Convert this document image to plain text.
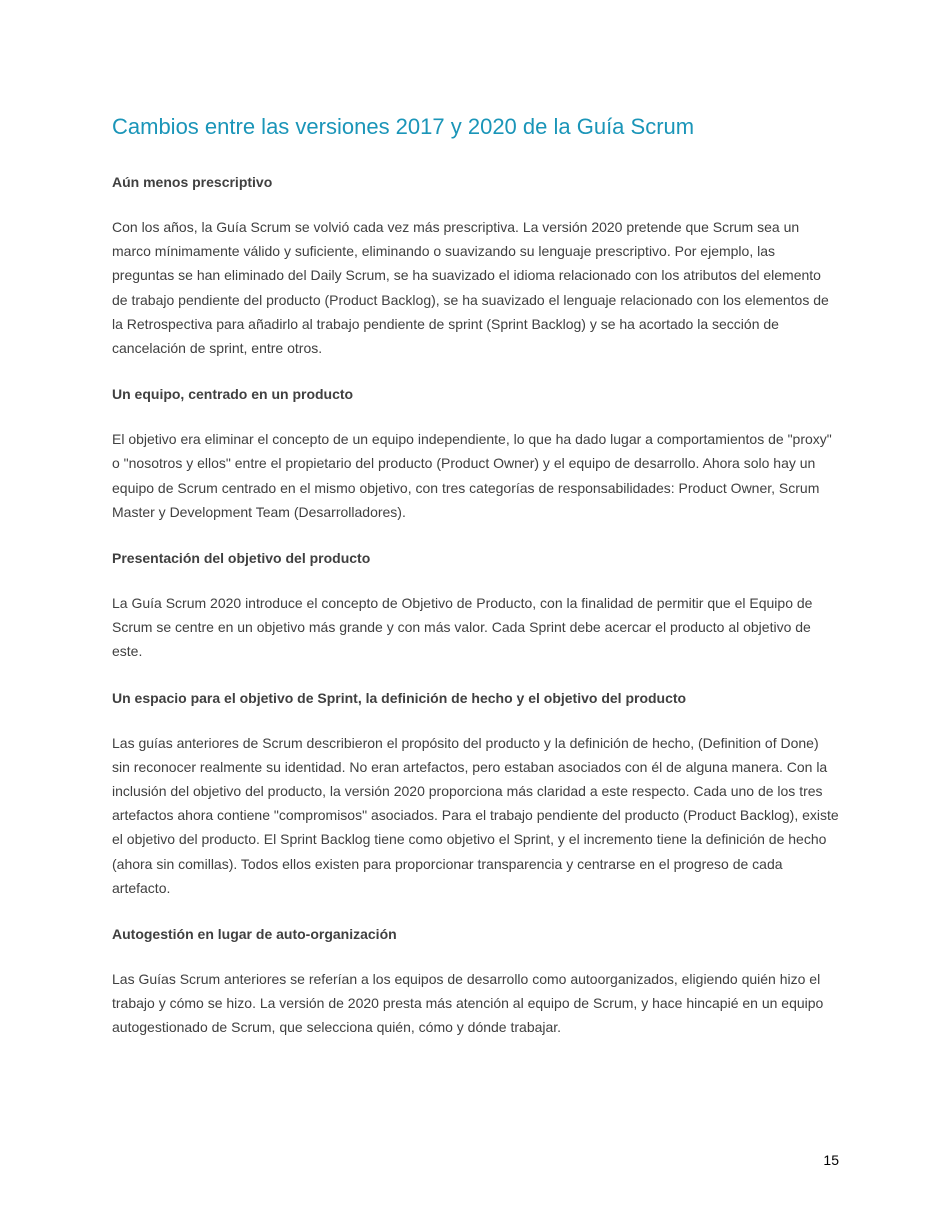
Cambios entre las versiones 2017 y 2020 de la Guía Scrum
Aún menos prescriptivo

Con los años, la Guía Scrum se volvió cada vez más prescriptiva. La versión 2020 pretende que Scrum sea un marco mínimamente válido y suficiente, eliminando o suavizando su lenguaje prescriptivo. Por ejemplo, las preguntas se han eliminado del Daily Scrum, se ha suavizado el idioma relacionado con los atributos del elemento de trabajo pendiente del producto (Product Backlog), se ha suavizado el lenguaje relacionado con los elementos de la Retrospectiva para añadirlo al trabajo pendiente de sprint (Sprint Backlog) y se ha acortado la sección de cancelación de sprint, entre otros.

Un equipo, centrado en un producto

El objetivo era eliminar el concepto de un equipo independiente, lo que ha dado lugar a comportamientos de "proxy" o "nosotros y ellos" entre el propietario del producto (Product Owner) y el equipo de desarrollo. Ahora solo hay un equipo de Scrum centrado en el mismo objetivo, con tres categorías de responsabilidades: Product Owner, Scrum Master y Development Team (Desarrolladores).

Presentación del objetivo del producto

La Guía Scrum 2020 introduce el concepto de Objetivo de Producto, con la finalidad de permitir que el Equipo de Scrum se centre en un objetivo más grande y con más valor. Cada Sprint debe acercar el producto al objetivo de este.

Un espacio para el objetivo de Sprint, la definición de hecho y el objetivo del producto

Las guías anteriores de Scrum describieron el propósito del producto y la definición de hecho, (Definition of Done) sin reconocer realmente su identidad. No eran artefactos, pero estaban asociados con él de alguna manera. Con la inclusión del objetivo del producto, la versión 2020 proporciona más claridad a este respecto. Cada uno de los tres artefactos ahora contiene "compromisos" asociados. Para el trabajo pendiente del producto (Product Backlog), existe el objetivo del producto. El Sprint Backlog tiene como objetivo el Sprint, y el incremento tiene la definición de hecho (ahora sin comillas). Todos ellos existen para proporcionar transparencia y centrarse en el progreso de cada artefacto.

Autogestión en lugar de auto-organización

Las Guías Scrum anteriores se referían a los equipos de desarrollo como autoorganizados, eligiendo quién hizo el trabajo y cómo se hizo. La versión de 2020 presta más atención al equipo de Scrum, y hace hincapié en un equipo autogestionado de Scrum, que selecciona quién, cómo y dónde trabajar.

15
